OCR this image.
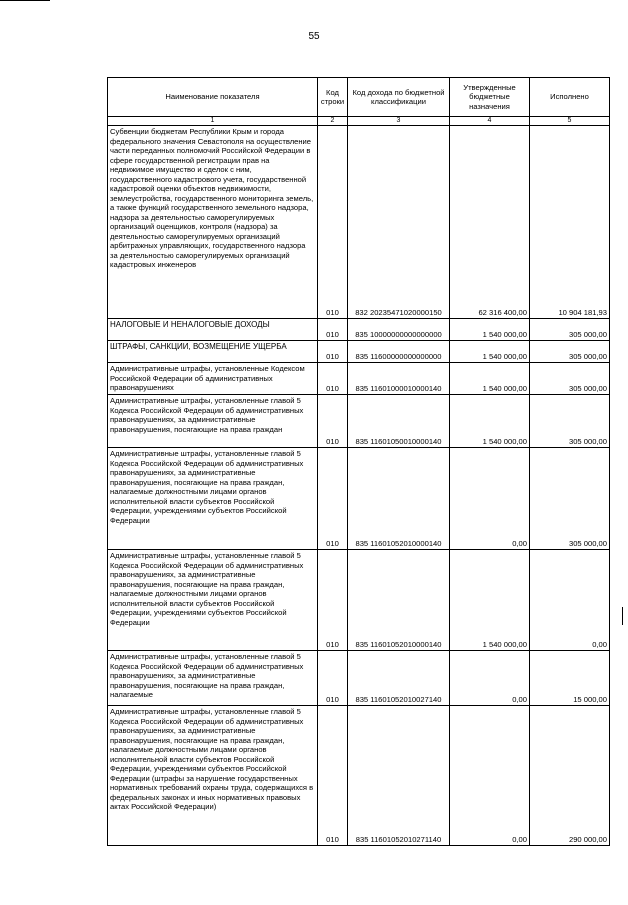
55
Наименование показателя	Код строки	Код дохода по бюджетной классификации	Утвержденные бюджетные назначения	Исполнено
1	2	3	4	5
Субвенции бюджетам Республики Крым и города федерального значения Севастополя на осуществление части переданных полномочий Российской Федерации в сфере государственной регистрации прав на недвижимое имущество и сделок с ним, государственного кадастрового учета, государственной кадастровой оценки объектов недвижимости, землеустройства, государственного мониторинга земель, а также функций государственного земельного надзора, надзора за деятельностью саморегулируемых организаций оценщиков, контроля (надзора) за деятельностью саморегулируемых организаций арбитражных управляющих, государственного надзора за деятельностью саморегулируемых организаций кадастровых инженеров	010	832 20235471020000150	62 316 400,00	10 904 181,93
НАЛОГОВЫЕ И НЕНАЛОГОВЫЕ ДОХОДЫ	010	835 10000000000000000	1 540 000,00	305 000,00
ШТРАФЫ, САНКЦИИ, ВОЗМЕЩЕНИЕ УЩЕРБА	010	835 11600000000000000	1 540 000,00	305 000,00
Административные штрафы, установленные Кодексом Российской Федерации об административных правонарушениях	010	835 11601000010000140	1 540 000,00	305 000,00
Административные штрафы, установленные главой 5 Кодекса Российской Федерации об административных правонарушениях, за административные правонарушения, посягающие на права граждан	010	835 11601050010000140	1 540 000,00	305 000,00
Административные штрафы, установленные главой 5 Кодекса Российской Федерации об административных правонарушениях, за административные правонарушения, посягающие на права граждан, налагаемые должностными лицами органов исполнительной власти субъектов Российской Федерации, учреждениями субъектов Российской Федерации	010	835 11601052010000140	0,00	305 000,00
Административные штрафы, установленные главой 5 Кодекса Российской Федерации об административных правонарушениях, за административные правонарушения, посягающие на права граждан, налагаемые должностными лицами органов исполнительной власти субъектов Российской Федерации, учреждениями субъектов Российской Федерации	010	835 11601052010000140	1 540 000,00	0,00
Административные штрафы, установленные главой 5 Кодекса Российской Федерации об административных правонарушениях, за административные правонарушения, посягающие на права граждан, налагаемые	010	835 11601052010027140	0,00	15 000,00
Административные штрафы, установленные главой 5 Кодекса Российской Федерации об административных правонарушениях, за административные правонарушения, посягающие на права граждан, налагаемые должностными лицами органов исполнительной власти субъектов Российской Федерации, учреждениями субъектов Российской Федерации (штрафы за нарушение государственных нормативных требований охраны труда, содержащихся в федеральных законах и иных нормативных правовых актах Российской Федерации)	010	835 11601052010271140	0,00	290 000,00
